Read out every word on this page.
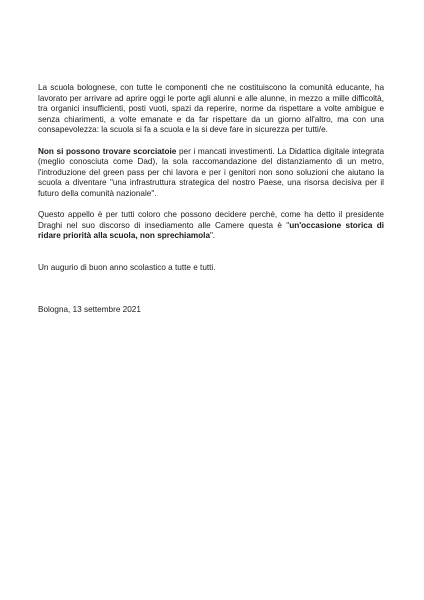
La scuola bolognese, con tutte le componenti che ne costituiscono la comunità educante, ha lavorato per arrivare ad aprire oggi le porte agli alunni e alle alunne, in mezzo a mille difficoltà, tra organici insufficienti, posti vuoti, spazi da reperire, norme da rispettare a volte ambigue e senza chiarimenti, a volte emanate e da far rispettare da un giorno all'altro, ma con una consapevolezza: la scuola si fa a scuola e la si deve fare in sicurezza per tutti/e.

Non si possono trovare scorciatoie per i mancati investimenti. La Didattica digitale integrata (meglio conosciuta come Dad), la sola raccomandazione del distanziamento di un metro, l'introduzione del green pass per chi lavora e per i genitori non sono soluzioni che aiutano la scuola a diventare "una infrastruttura strategica del nostro Paese, una risorsa decisiva per il futuro della comunità nazionale".

Questo appello è per tutti coloro che possono decidere perché, come ha detto il presidente Draghi nel suo discorso di insediamento alle Camere questa è "un'occasione storica di ridare priorità alla scuola, non sprechiamola".

Un augurio di buon anno scolastico a tutte e tutti.

Bologna, 13 settembre 2021
